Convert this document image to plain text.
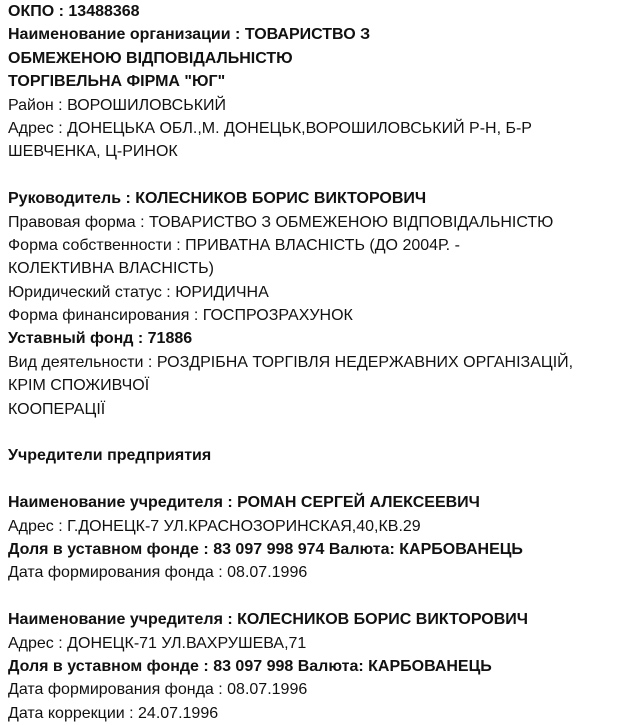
ОКПО : 13488368
Наименование организации : ТОВАРИСТВО З
ОБМЕЖЕНОЮ ВІДПОВІДАЛЬНІСТЮ
ТОРГІВЕЛЬНА ФІРМА "ЮГ"
Район : ВОРОШИЛОВСЬКИЙ
Адрес : ДОНЕЦЬКА ОБЛ.,М. ДОНЕЦЬК,ВОРОШИЛОВСЬКИЙ Р-Н, Б-Р
ШЕВЧЕНКА, Ц-РИНОК
Руководитель : КОЛЕСНИКОВ БОРИС ВИКТОРОВИЧ
Правовая форма : ТОВАРИСТВО З ОБМЕЖЕНОЮ ВІДПОВІДАЛЬНІСТЮ
Форма собственности : ПРИВАТНА ВЛАСНІСТЬ (ДО 2004Р. -
КОЛЕКТИВНА ВЛАСНІСТЬ)
Юридический статус : ЮРИДИЧНА
Форма финансирования : ГОСПРОЗРАХУНОК
Уставный фонд : 71886
Вид деятельности : РОЗДРІБНА ТОРГІВЛЯ НЕДЕРЖАВНИХ ОРГАНІЗАЦІЙ,
КРІМ СПОЖИВЧОЇ
КООПЕРАЦІЇ
Учредители предприятия
Наименование учредителя : РОМАН СЕРГЕЙ АЛЕКСЕЕВИЧ
Адрес : Г.ДОНЕЦК-7 УЛ.КРАСНОЗОРИНСКАЯ,40,КВ.29
Доля в уставном фонде : 83 097 998 974 Валюта: КАРБОВАНЕЦЬ
Дата формирования фонда : 08.07.1996
Наименование учредителя : КОЛЕСНИКОВ БОРИС ВИКТОРОВИЧ
Адрес : ДОНЕЦК-71 УЛ.ВАХРУШЕВА,71
Доля в уставном фонде : 83 097 998 Валюта: КАРБОВАНЕЦЬ
Дата формирования фонда : 08.07.1996
Дата коррекции : 24.07.1996
